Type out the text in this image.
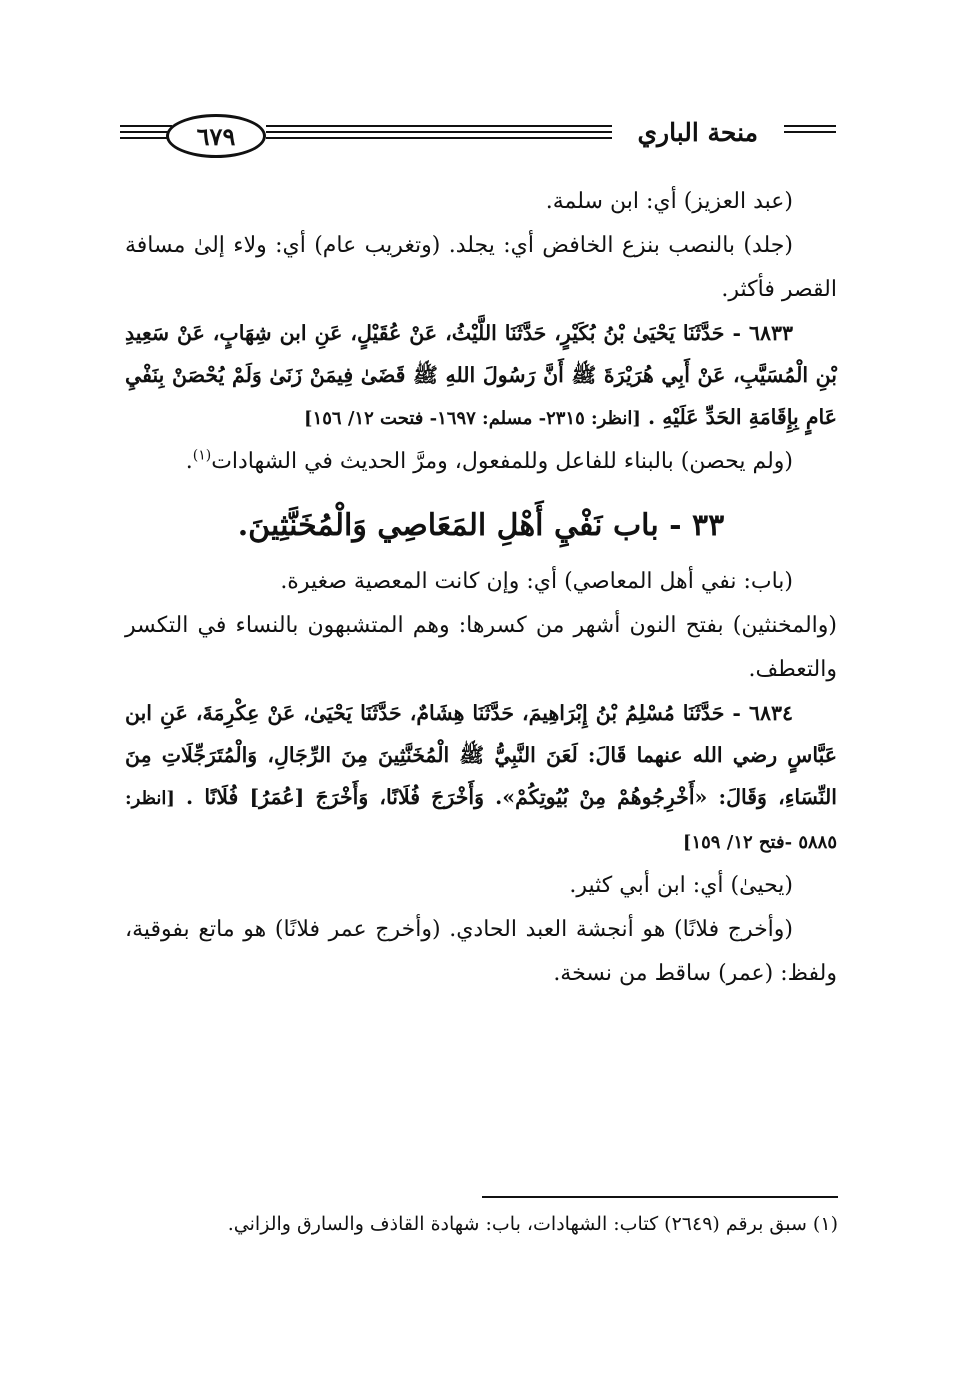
٦٧٩	منحة الباري

(عبد العزيز) أي: ابن سلمة.

(جلد) بالنصب بنزع الخافض أي: يجلد. (وتغريب عام) أي: ولاء إلىٰ مسافة القصر فأكثر.

٦٨٣٣ - حَدَّثَنَا يَحْيَىٰ بْنُ بُكَيْرٍ، حَدَّثَنَا اللَّيْثُ، عَنْ عُقَيْلٍ، عَنِ ابن شِهَابٍ، عَنْ سَعِيدِ بْنِ الْمُسَيَّبِ، عَنْ أَبِي هُرَيْرَةَ ﷺ أَنَّ رَسُولَ اللهِ ﷺ قَضَىٰ فِيمَنْ زَنَىٰ وَلَمْ يُحْصَنْ بِنَفْيِ عَامٍ بِإِقَامَةِ الحَدِّ عَلَيْهِ . [انظر: ٢٣١٥- مسلم: ١٦٩٧- فتحت ١٢/ ١٥٦]

(ولم يحصن) بالبناء للفاعل وللمفعول، ومرَّ الحديث في الشهادات$^{(١)}$.

٣٣ - باب نَفْيِ أَهْلِ المَعَاصِي وَالْمُخَنَّثِينَ.

(باب: نفي أهل المعاصي) أي: وإن كانت المعصية صغيرة.

(والمخنثين) بفتح النون أشهر من كسرها: وهم المتشبهون بالنساء في التكسر والتعطف.

٦٨٣٤ - حَدَّثَنَا مُسْلِمُ بْنُ إِبْرَاهِيمَ، حَدَّثَنَا هِشَامٌ، حَدَّثَنَا يَحْيَىٰ، عَنْ عِكْرِمَةَ، عَنِ ابن عَبَّاسٍ رضي الله عنهما قَالَ: لَعَنَ النَّبِيُّ ﷺ الْمُخَنَّثِينَ مِنَ الرِّجَالِ، وَالْمُتَرَجِّلَاتِ مِنَ النِّسَاءِ، وَقَالَ: «أَخْرِجُوهُمْ مِنْ بُيُوتِكُمْ». وَأَخْرَجَ فُلَانًا، وَأَخْرَجَ [عُمَرُ] فُلَانًا . [انظر: ٥٨٨٥ -فتح ١٢/ ١٥٩]

(يحيىٰ) أي: ابن أبي كثير.

(وأخرج فلانًا) هو أنجشة العبد الحادي. (وأخرج عمر فلانًا) هو ماتع بفوقية، ولفظ: (عمر) ساقط من نسخة.

(١) سبق برقم (٢٦٤٩) كتاب: الشهادات، باب: شهادة القاذف والسارق والزاني.
